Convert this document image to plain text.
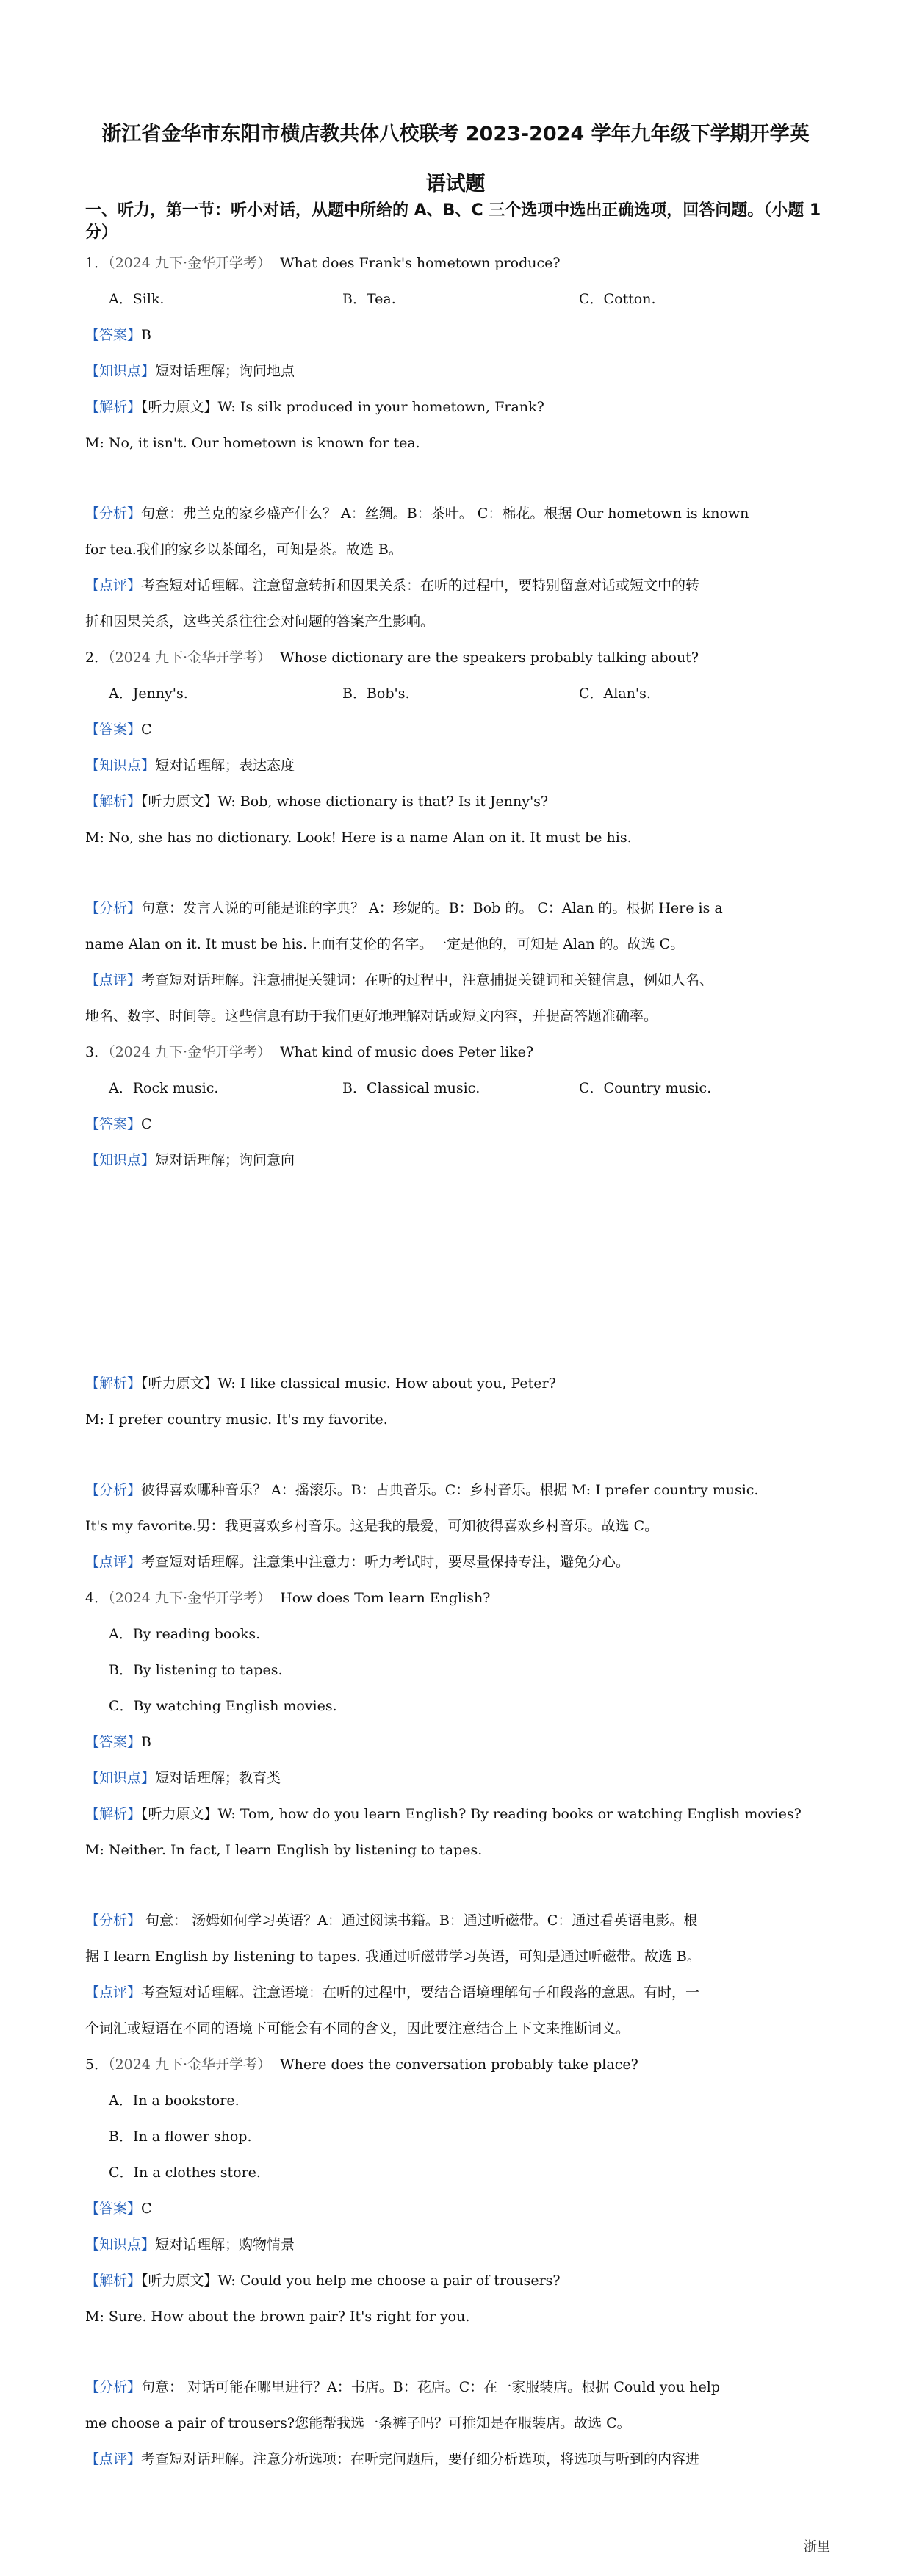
浙江省金华市东阳市横店教共体八校联考 2023-2024 学年九年级下学期开学英
语试题
一、听力，第一节：听小对话，从题中所给的 A、B、C 三个选项中选出正确选项，回答问题。（小题 1 分）
1．（2024 九下·金华开学考） What does Frank's hometown produce?
A．Silk.	B．Tea.	C．Cotton.
【答案】B
【知识点】短对话理解；询问地点
【解析】【听力原文】W: Is silk produced in your hometown, Frank?
M: No, it isn't. Our hometown is known for tea.
【分析】句意：弗兰克的家乡盛产什么？ A：丝绸。B：茶叶。 C：棉花。根据 Our hometown is known
for tea.我们的家乡以茶闻名，可知是茶。故选 B。
【点评】考查短对话理解。注意留意转折和因果关系：在听的过程中，要特别留意对话或短文中的转
折和因果关系，这些关系往往会对问题的答案产生影响。
2．（2024 九下·金华开学考） Whose dictionary are the speakers probably talking about?
A．Jenny's.	B．Bob's.	C．Alan's.
【答案】C
【知识点】短对话理解；表达态度
【解析】【听力原文】W: Bob, whose dictionary is that? Is it Jenny's?
M: No, she has no dictionary. Look! Here is a name Alan on it. It must be his.
【分析】句意：发言人说的可能是谁的字典？ A：珍妮的。B：Bob 的。 C：Alan 的。根据 Here is a
name Alan on it. It must be his.上面有艾伦的名字。一定是他的，可知是 Alan 的。故选 C。
【点评】考查短对话理解。注意捕捉关键词：在听的过程中，注意捕捉关键词和关键信息，例如人名、
地名、数字、时间等。这些信息有助于我们更好地理解对话或短文内容，并提高答题准确率。
3．（2024 九下·金华开学考） What kind of music does Peter like?
A．Rock music.	B．Classical music.	C．Country music.
【答案】C
【知识点】短对话理解；询问意向
【解析】【听力原文】W: I like classical music. How about you, Peter?
M: I prefer country music. It's my favorite.
【分析】彼得喜欢哪种音乐？ A：摇滚乐。B：古典音乐。C：乡村音乐。根据 M: I prefer country music.
It's my favorite.男：我更喜欢乡村音乐。这是我的最爱，可知彼得喜欢乡村音乐。故选 C。
【点评】考查短对话理解。注意集中注意力：听力考试时，要尽量保持专注，避免分心。
4．（2024 九下·金华开学考） How does Tom learn English?
A．By reading books.
B．By listening to tapes.
C．By watching English movies.
【答案】B
【知识点】短对话理解；教育类
【解析】【听力原文】W: Tom, how do you learn English? By reading books or watching English movies?
M: Neither. In fact, I learn English by listening to tapes.
【分析】 句意： 汤姆如何学习英语？A：通过阅读书籍。B：通过听磁带。C：通过看英语电影。根
据 I learn English by listening to tapes. 我通过听磁带学习英语，可知是通过听磁带。故选 B。
【点评】考查短对话理解。注意语境：在听的过程中，要结合语境理解句子和段落的意思。有时，一
个词汇或短语在不同的语境下可能会有不同的含义，因此要注意结合上下文来推断词义。
5．（2024 九下·金华开学考） Where does the conversation probably take place?
A．In a bookstore.
B．In a flower shop.
C．In a clothes store.
【答案】C
【知识点】短对话理解；购物情景
【解析】【听力原文】W: Could you help me choose a pair of trousers?
M: Sure. How about the brown pair? It's right for you.
【分析】句意： 对话可能在哪里进行？A：书店。B：花店。C：在一家服装店。根据 Could you help
me choose a pair of trousers?您能帮我选一条裤子吗？可推知是在服装店。故选 C。
【点评】考查短对话理解。注意分析选项：在听完问题后，要仔细分析选项，将选项与听到的内容进
浙里
